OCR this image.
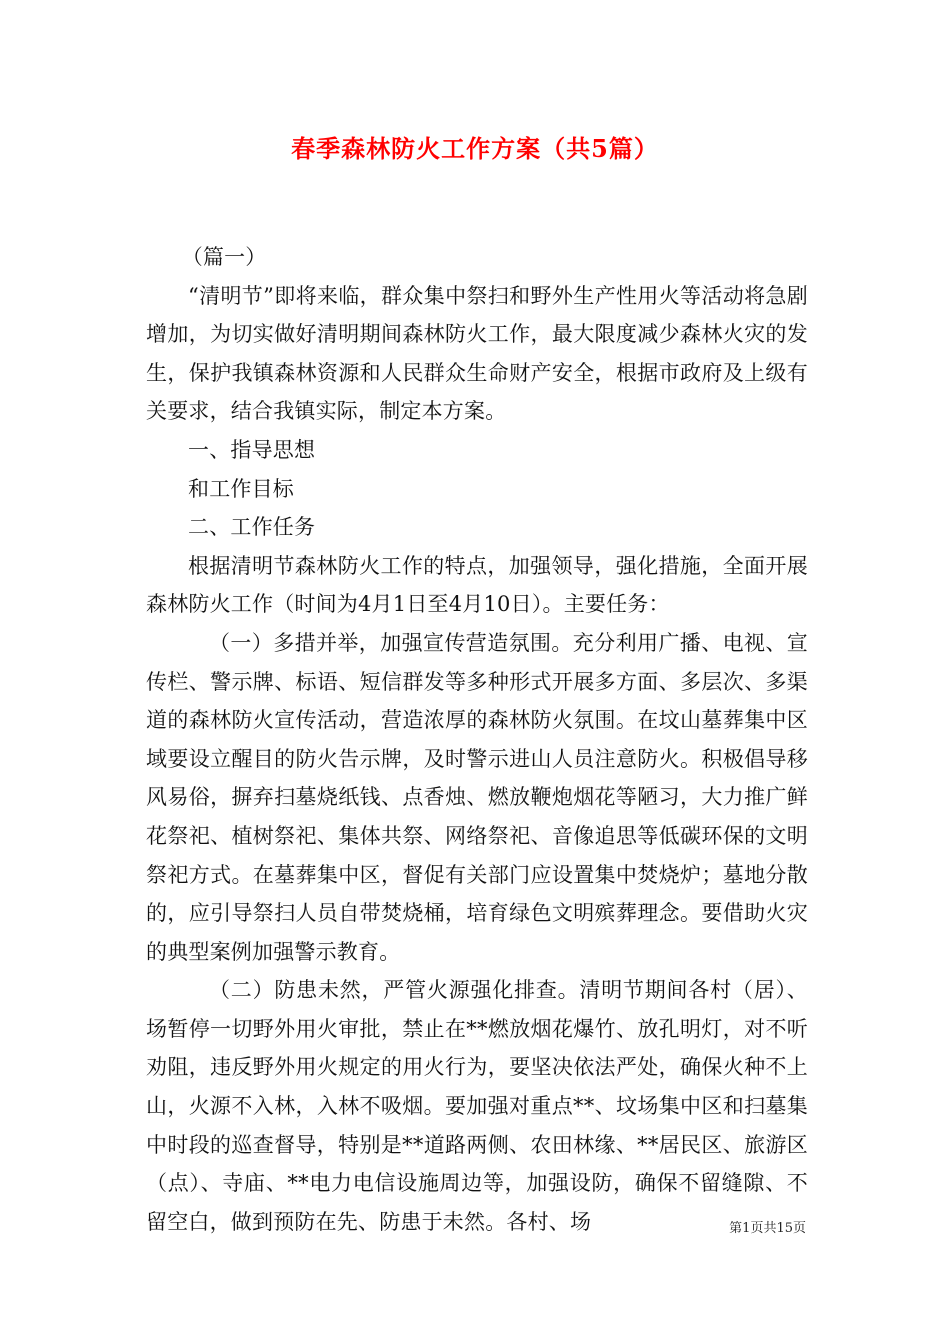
春季森林防火工作方案（共5篇）

（篇一）

“清明节”即将来临，群众集中祭扫和野外生产性用火等活动将急剧增加，为切实做好清明期间森林防火工作，最大限度减少森林火灾的发生，保护我镇森林资源和人民群众生命财产安全，根据市政府及上级有关要求，结合我镇实际，制定本方案。

一、指导思想

和工作目标

二、工作任务

根据清明节森林防火工作的特点，加强领导，强化措施，全面开展森林防火工作（时间为4月1日至4月10日）。主要任务：

（一）多措并举，加强宣传营造氛围。充分利用广播、电视、宣传栏、警示牌、标语、短信群发等多种形式开展多方面、多层次、多渠道的森林防火宣传活动，营造浓厚的森林防火氛围。在坟山墓葬集中区域要设立醒目的防火告示牌，及时警示进山人员注意防火。积极倡导移风易俗，摒弃扫墓烧纸钱、点香烛、燃放鞭炮烟花等陋习，大力推广鲜花祭祀、植树祭祀、集体共祭、网络祭祀、音像追思等低碳环保的文明祭祀方式。在墓葬集中区，督促有关部门应设置集中焚烧炉；墓地分散的，应引导祭扫人员自带焚烧桶，培育绿色文明殡葬理念。要借助火灾的典型案例加强警示教育。

（二）防患未然，严管火源强化排查。清明节期间各村（居）、场暂停一切野外用火审批，禁止在**燃放烟花爆竹、放孔明灯，对不听劝阻，违反野外用火规定的用火行为，要坚决依法严处，确保火种不上山，火源不入林，入林不吸烟。要加强对重点**、坟场集中区和扫墓集中时段的巡查督导，特别是**道路两侧、农田林缘、**居民区、旅游区（点）、寺庙、**电力电信设施周边等，加强设防，确保不留缝隙、不留空白，做到预防在先、防患于未然。各村、场	第1页共15页
